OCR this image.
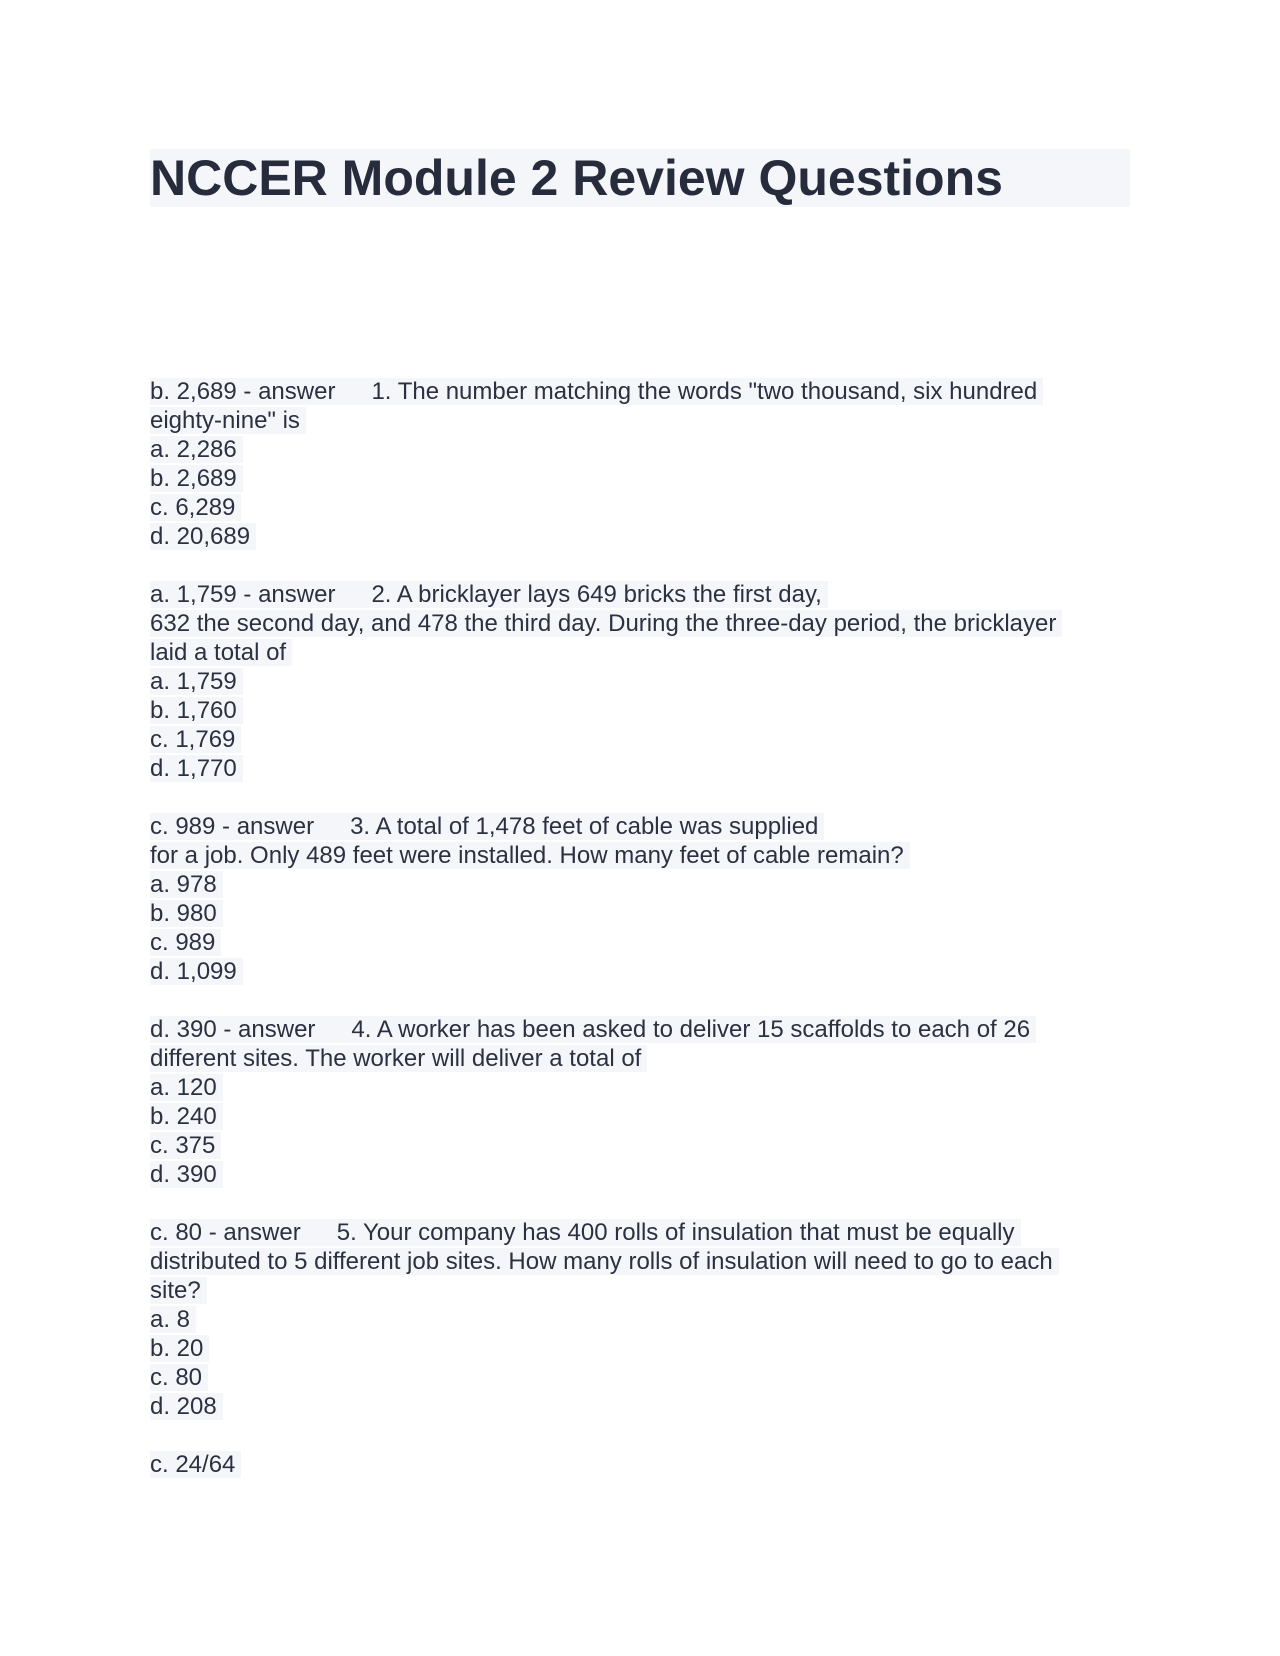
NCCER Module 2 Review Questions
b. 2,689 - answer 1. The number matching the words "two thousand, six hundred
eighty-nine" is
a. 2,286
b. 2,689
c. 6,289
d. 20,689
a. 1,759 - answer 2. A bricklayer lays 649 bricks the first day,
632 the second day, and 478 the third day. During the three-day period, the bricklayer
laid a total of
a. 1,759
b. 1,760
c. 1,769
d. 1,770
c. 989 - answer 3. A total of 1,478 feet of cable was supplied
for a job. Only 489 feet were installed. How many feet of cable remain?
a. 978
b. 980
c. 989
d. 1,099
d. 390 - answer 4. A worker has been asked to deliver 15 scaffolds to each of 26
different sites. The worker will deliver a total of
a. 120
b. 240
c. 375
d. 390
c. 80 - answer 5. Your company has 400 rolls of insulation that must be equally
distributed to 5 different job sites. How many rolls of insulation will need to go to each
site?
a. 8
b. 20
c. 80
d. 208
c. 24/64
